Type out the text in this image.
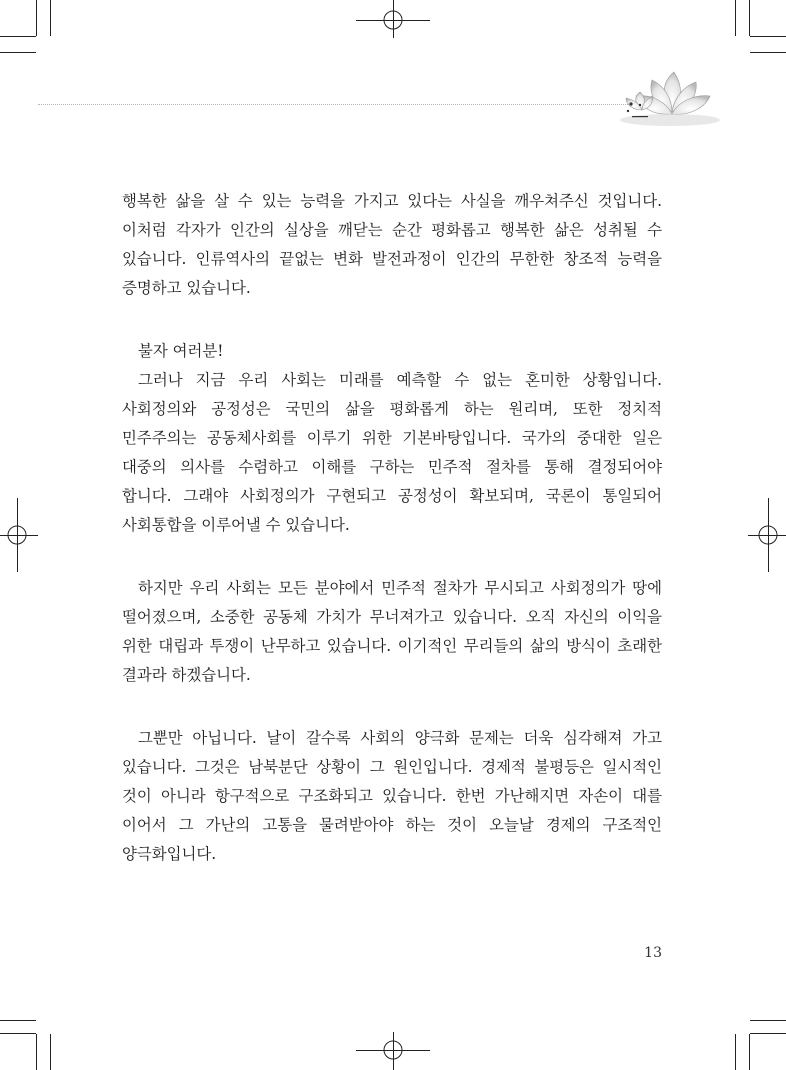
행복한 삶을 살 수 있는 능력을 가지고 있다는 사실을 깨우쳐주신 것입니다.
이처럼 각자가 인간의 실상을 깨닫는 순간 평화롭고 행복한 삶은 성취될 수
있습니다. 인류역사의 끝없는 변화 발전과정이 인간의 무한한 창조적 능력을
증명하고 있습니다.
불자 여러분!
그러나 지금 우리 사회는 미래를 예측할 수 없는 혼미한 상황입니다.
사회정의와 공정성은 국민의 삶을 평화롭게 하는 원리며, 또한 정치적
민주주의는 공동체사회를 이루기 위한 기본바탕입니다. 국가의 중대한 일은
대중의 의사를 수렴하고 이해를 구하는 민주적 절차를 통해 결정되어야
합니다. 그래야 사회정의가 구현되고 공정성이 확보되며, 국론이 통일되어
사회통합을 이루어낼 수 있습니다.
하지만 우리 사회는 모든 분야에서 민주적 절차가 무시되고 사회정의가 땅에
떨어졌으며, 소중한 공동체 가치가 무너져가고 있습니다. 오직 자신의 이익을
위한 대립과 투쟁이 난무하고 있습니다. 이기적인 무리들의 삶의 방식이 초래한
결과라 하겠습니다.
그뿐만 아닙니다. 날이 갈수록 사회의 양극화 문제는 더욱 심각해져 가고
있습니다. 그것은 남북분단 상황이 그 원인입니다. 경제적 불평등은 일시적인
것이 아니라 항구적으로 구조화되고 있습니다. 한번 가난해지면 자손이 대를
이어서 그 가난의 고통을 물려받아야 하는 것이 오늘날 경제의 구조적인
양극화입니다.
13
